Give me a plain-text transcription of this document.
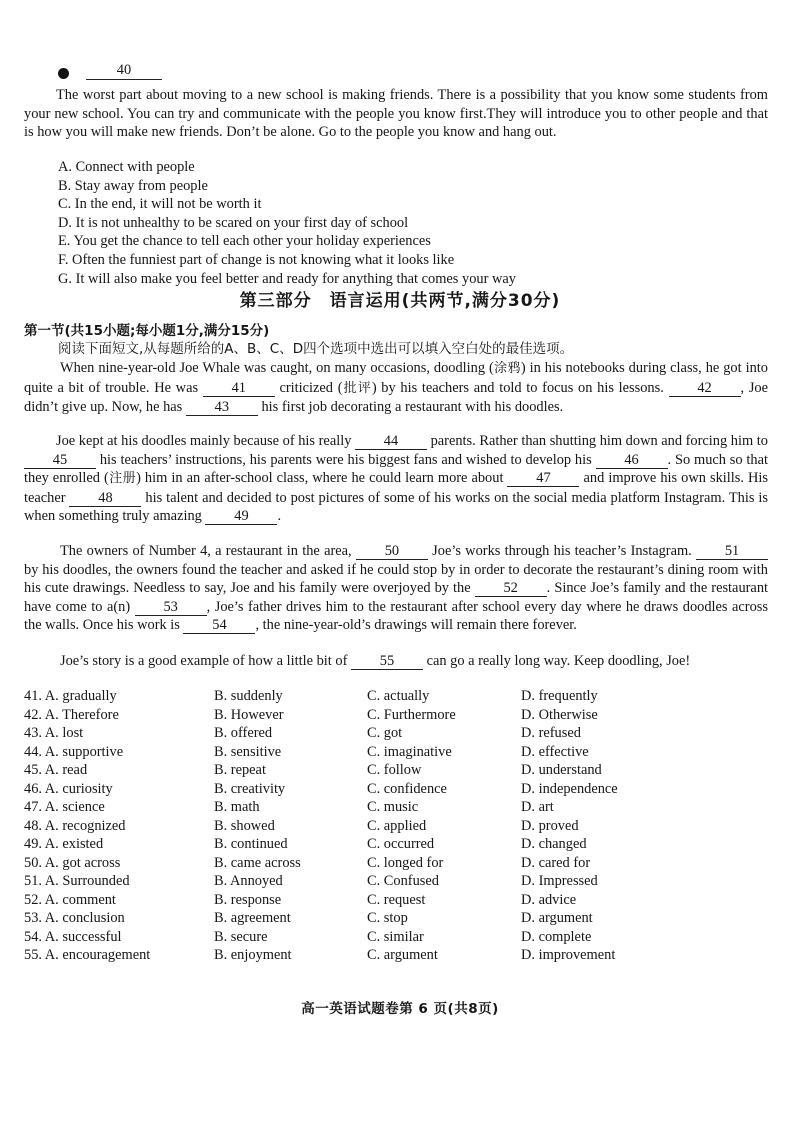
40

The worst part about moving to a new school is making friends. There is a possibility that you know some students from your new school. You can try and communicate with the people you know first.They will introduce you to other people and that is how you will make new friends. Don’t be alone. Go to the people you know and hang out.

A. Connect with people
B. Stay away from people
C. In the end, it will not be worth it
D. It is not unhealthy to be scared on your first day of school
E. You get the chance to tell each other your holiday experiences
F. Often the funniest part of change is not knowing what it looks like
G. It will also make you feel better and ready for anything that comes your way
第三部分　语言运用(共两节,满分30分)
第一节(共15小题;每小题1分,满分15分)
阅读下面短文,从每题所给的A、B、C、D四个选项中选出可以填入空白处的最佳选项。

When nine-year-old Joe Whale was caught, on many occasions, doodling (涂鸦) in his notebooks during class, he got into quite a bit of trouble. He was 41 criticized (批评) by his teachers and told to focus on his lessons. 42 , Joe didn’t give up. Now, he has 43 his first job decorating a restaurant with his doodles.

Joe kept at his doodles mainly because of his really 44 parents. Rather than shutting him down and forcing him to 45 his teachers’ instructions, his parents were his biggest fans and wished to develop his 46 . So much so that they enrolled (注册) him in an after-school class, where he could learn more about 47 and improve his own skills. His teacher 48 his talent and decided to post pictures of some of his works on the social media platform Instagram. This is when something truly amazing 49 .

The owners of Number 4, a restaurant in the area, 50 Joe’s works through his teacher’s Instagram. 51 by his doodles, the owners found the teacher and asked if he could stop by in order to decorate the restaurant’s dining room with his cute drawings. Needless to say, Joe and his family were overjoyed by the 52 . Since Joe’s family and the restaurant have come to a(n) 53 , Joe’s father drives him to the restaurant after school every day where he draws doodles across the walls. Once his work is 54 , the nine-year-old’s drawings will remain there forever.

Joe’s story is a good example of how a little bit of 55 can go a really long way. Keep doodling, Joe!

41. A. gradually	B. suddenly	C. actually	D. frequently
42. A. Therefore	B. However	C. Furthermore	D. Otherwise
43. A. lost	B. offered	C. got	D. refused
44. A. supportive	B. sensitive	C. imaginative	D. effective
45. A. read	B. repeat	C. follow	D. understand
46. A. curiosity	B. creativity	C. confidence	D. independence
47. A. science	B. math	C. music	D. art
48. A. recognized	B. showed	C. applied	D. proved
49. A. existed	B. continued	C. occurred	D. changed
50. A. got across	B. came across	C. longed for	D. cared for
51. A. Surrounded	B. Annoyed	C. Confused	D. Impressed
52. A. comment	B. response	C. request	D. advice
53. A. conclusion	B. agreement	C. stop	D. argument
54. A. successful	B. secure	C. similar	D. complete
55. A. encouragement	B. enjoyment	C. argument	D. improvement
高一英语试题卷第 6 页(共8页)
